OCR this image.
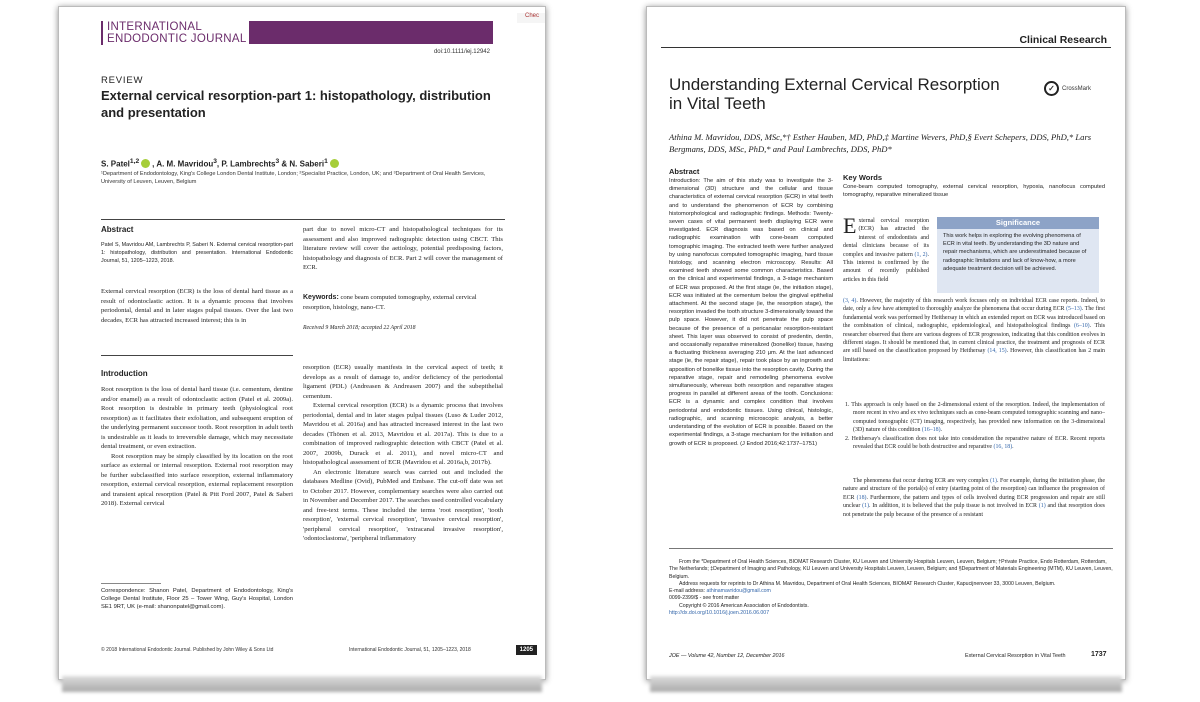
INTERNATIONAL
ENDODONTIC JOURNAL
Chec
doi:10.1111/iej.12942
REVIEW
External cervical resorption-part 1: histopathology, distribution and presentation
S. Patel$^{1,2}$ , A. M. Mavridou$^3$, P. Lambrechts$^3$ & N. Saberi$^1$
¹Department of Endodontology, King's College London Dental Institute, London; ²Specialist Practice, London, UK; and ³Department of Oral Health Services, University of Leuven, Leuven, Belgium
Abstract
Patel S, Mavridou AM, Lambrechts P, Saberi N. External cervical resorption-part 1: histopathology, distribution and presentation. International Endodontic Journal, 51, 1205–1223, 2018.
External cervical resorption (ECR) is the loss of dental hard tissue as a result of odontoclastic action. It is a dynamic process that involves periodontal, dental and in later stages pulpal tissues. Over the last two decades, ECR has attracted increased interest; this is in
part due to novel micro-CT and histopathological techniques for its assessment and also improved radiographic detection using CBCT. This literature review will cover the aetiology, potential predisposing factors, histopathology and diagnosis of ECR. Part 2 will cover the management of ECR.
Keywords: cone beam computed tomography, external cervical resorption, histology, nano-CT.
Received 9 March 2018; accepted 22 April 2018
Introduction

Root resorption is the loss of dental hard tissue (i.e. cementum, dentine and/or enamel) as a result of odontoclastic action (Patel et al. 2009a). Root resorption is desirable in primary teeth (physiological root resorption) as it facilitates their exfoliation, and subsequent eruption of the underlying permanent successor tooth. Root resorption in adult teeth is undesirable as it leads to irreversible damage, which may necessitate dental treatment, or even extraction.

Root resorption may be simply classified by its location on the root surface as external or internal resorption. External root resorption may be further subclassified into surface resorption, external inflammatory resorption, external cervical resorption, external replacement resorption and transient apical resorption (Patel & Pitt Ford 2007, Patel & Saberi 2018). External cervical

resorption (ECR) usually manifests in the cervical aspect of teeth; it develops as a result of damage to, and/or deficiency of the periodontal ligament (PDL) (Andreasen & Andreasen 2007) and the subepithelial cementum.

External cervical resorption (ECR) is a dynamic process that involves periodontal, dental and in later stages pulpal tissues (Luso & Luder 2012, Mavridou et al. 2016a) and has attracted increased interest in the last two decades (Thönen et al. 2013, Mavridou et al. 2017a). This is due to a combination of improved radiographic detection with CBCT (Patel et al. 2007, 2009b, Durack et al. 2011), and novel micro-CT and histopathological assessment of ECR (Mavridou et al. 2016a,b, 2017b).

An electronic literature search was carried out and included the databases Medline (Ovid), PubMed and Embase. The cut-off date was set to October 2017. However, complementary searches were also carried out in November and December 2017. The searches used controlled vocabulary and free-text terms. These included the terms 'root resorption', 'tooth resorption', 'external cervical resorption', 'invasive cervical resorption', 'peripheral cervical resorption', 'extracanal invasive resorption', 'odontoclastoma', 'peripheral inflammatory

Correspondence: Shanon Patel, Department of Endodontology, King's College Dental Institute, Floor 25 – Tower Wing, Guy's Hospital, London SE1 9RT, UK (e-mail: shanonpatel@gmail.com).
© 2018 International Endodontic Journal. Published by John Wiley & Sons Ltd	International Endodontic Journal, 51, 1205–1223, 2018	1205
Clinical Research
Understanding External Cervical Resorption in Vital Teeth
✓ CrossMark
Athina M. Mavridou, DDS, MSc,*† Esther Hauben, MD, PhD,‡ Martine Wevers, PhD,§ Evert Schepers, DDS, PhD,* Lars Bergmans, DDS, MSc, PhD,* and Paul Lambrechts, DDS, PhD*
Abstract
Introduction: The aim of this study was to investigate the 3-dimensional (3D) structure and the cellular and tissue characteristics of external cervical resorption (ECR) in vital teeth and to understand the phenomenon of ECR by combining histomorphological and radiographic findings. Methods: Twenty-seven cases of vital permanent teeth displaying ECR were investigated. ECR diagnosis was based on clinical and radiographic examination with cone-beam computed tomographic imaging. The extracted teeth were further analyzed by using nanofocus computed tomographic imaging, hard tissue histology, and scanning electron microscopy. Results: All examined teeth showed some common characteristics. Based on the clinical and experimental findings, a 3-stage mechanism of ECR was proposed. At the first stage (ie, the initiation stage), ECR was initiated at the cementum below the gingival epithelial attachment. At the second stage (ie, the resorption stage), the resorption invaded the tooth structure 3-dimensionally toward the pulp space. However, it did not penetrate the pulp space because of the presence of a pericanalar resorption-resistant sheet. This layer was observed to consist of predentin, dentin, and occasionally reparative mineralized (bonelike) tissue, having a fluctuating thickness averaging 210 μm. At the last advanced stage (ie, the repair stage), repair took place by an ingrowth and apposition of bonelike tissue into the resorption cavity. During the reparative stage, repair and remodeling phenomena evolve simultaneously, whereas both resorption and reparative stages progress in parallel at different areas of the tooth. Conclusions: ECR is a dynamic and complex condition that involves periodontal and endodontic tissues. Using clinical, histologic, radiographic, and scanning microscopic analysis, a better understanding of the evolution of ECR is possible. Based on the experimental findings, a 3-stage mechanism for the initiation and growth of ECR is proposed. (J Endod 2016;42:1737–1751)
Key Words
Cone-beam computed tomography, external cervical resorption, hypoxia, nanofocus computed tomography, reparative mineralized tissue
Significance
This work helps in exploring the evolving phenomena of ECR in vital teeth. By understanding the 3D nature and repair mechanisms, which are underestimated because of radiographic limitations and lack of know-how, a more adequate treatment decision will be achieved.
External cervical resorption (ECR) has attracted the interest of endodontists and dental clinicians because of its complex and invasive pattern (1, 2). This interest is confirmed by the amount of recently published articles in this field
(3, 4). However, the majority of this research work focuses only on individual ECR case reports. Indeed, to date, only a few have attempted to thoroughly analyze the phenomena that occur during ECR (5–13). The first fundamental work was performed by Heithersay in which an extended report on ECR was introduced based on the combination of clinical, radiographic, epidemiological, and histopathological findings (6–10). This researcher observed that there are various degrees of ECR progression, indicating that this condition evolves in different stages. It should be mentioned that, in current clinical practice, the treatment and prognosis of ECR are still based on the classification proposed by Heithersay (14, 15). However, this classification has 2 main limitations:
1. This approach is only based on the 2-dimensional extent of the resorption. Indeed, the implementation of more recent in vivo and ex vivo techniques such as cone-beam computed tomographic scanning and nano–computed tomographic (CT) imaging, respectively, has provided new information on the 3-dimensional (3D) nature of this condition (16–18).
2. Heithersay's classification does not take into consideration the reparative nature of ECR. Recent reports revealed that ECR could be both destructive and reparative (16, 18).
The phenomena that occur during ECR are very complex (1). For example, during the initiation phase, the nature and structure of the portal(s) of entry (starting point of the resorption) can influence the progression of ECR (18). Furthermore, the pattern and types of cells involved during ECR progression and repair are still unclear (1). In addition, it is believed that the pulp tissue is not involved in ECR (1) and that resorption does not penetrate the pulp because of the presence of a resistant
From the *Department of Oral Health Sciences, BIOMAT Research Cluster, KU Leuven and University Hospitals Leuven, Leuven, Belgium; †Private Practice, Endo Rotterdam, Rotterdam, The Netherlands; ‡Department of Imaging and Pathology, KU Leuven and University Hospitals Leuven, Leuven, Belgium; and §Department of Materials Engineering (MTM), KU Leuven, Leuven, Belgium.
Address requests for reprints to Dr Athina M. Mavridou, Department of Oral Health Sciences, BIOMAT Research Cluster, Kapucijnenvoer 33, 3000 Leuven, Belgium.
E-mail address: athinamavridou@gmail.com
0099-2399/$ - see front matter
Copyright © 2016 American Association of Endodontists.
http://dx.doi.org/10.1016/j.joen.2016.06.007
JOE — Volume 42, Number 12, December 2016	External Cervical Resorption in Vital Teeth	1737
